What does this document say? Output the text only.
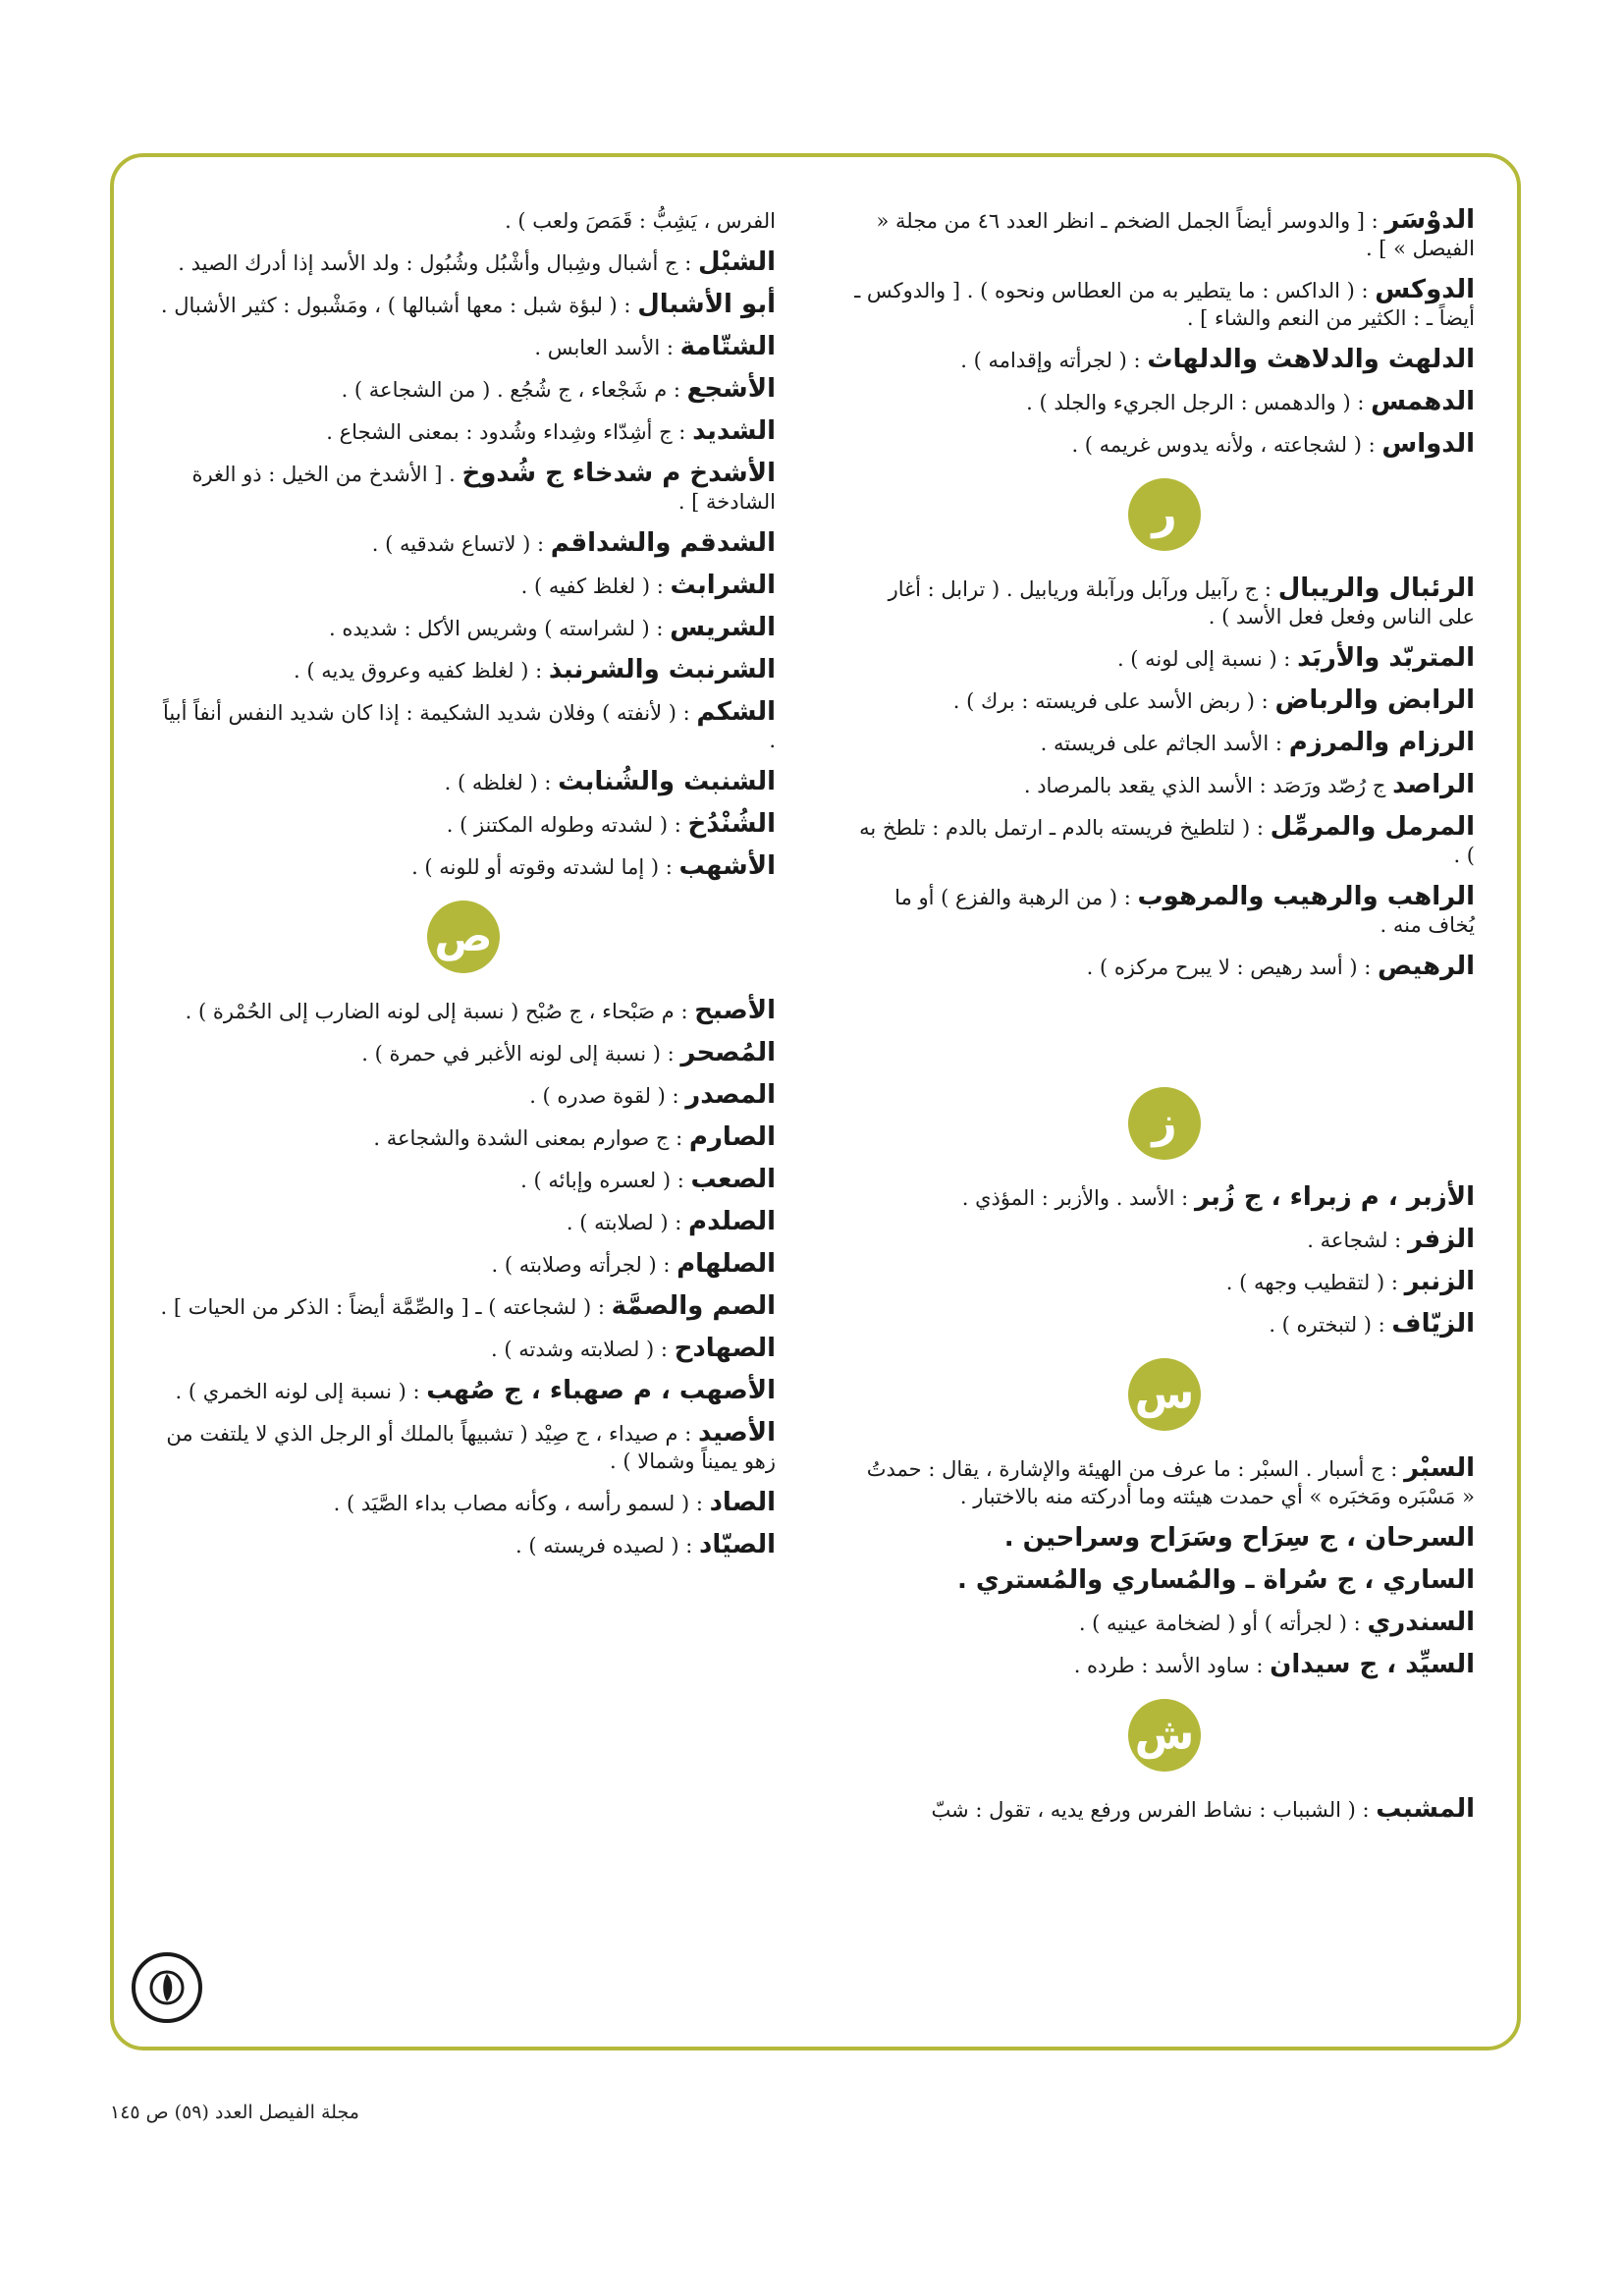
الدوْسَر : [ والدوسر أيضاً الجمل الضخم ـ انظر العدد ٤٦ من مجلة « الفيصل » ] .

الدوكس : ( الداكس : ما يتطير به من العطاس ونحوه ) . [ والدوكس ـ أيضاً ـ : الكثير من النعم والشاء ] .

الدلهث والدلاهث والدلهاث : ( لجرأته وإقدامه ) .

الدهمس : ( والدهمس : الرجل الجريء والجلد ) .

الدواس : ( لشجاعته ، ولأنه يدوس غريمه ) .

ر

الرئبال والريبال : ج رآبيل ورآبل ورآبلة وريابيل . ( ترابل : أغار على الناس وفعل فعل الأسد ) .

المتربّد والأربَد : ( نسبة إلى لونه ) .

الرابض والرباض : ( ربض الأسد على فريسته : برك ) .

الرزام والمرزم : الأسد الجاثم على فريسته .

الراصد ج رُصّد ورَصَد : الأسد الذي يقعد بالمرصاد .

المرمل والمرمِّل : ( لتلطيخ فريسته بالدم ـ ارتمل بالدم : تلطخ به ) .

الراهب والرهيب والمرهوب : ( من الرهبة والفزع ) أو ما يُخاف منه .

الرهيص : ( أسد رهيص : لا يبرح مركزه ) .

ز

الأزبر ، م زبراء ، ج زُبر : الأسد . والأزبر : المؤذي .

الزفر : لشجاعة .

الزنبر : ( لتقطيب وجهه ) .

الزيّاف : ( لتبختره ) .

س

السبْر : ج أسبار . السبْر : ما عرف من الهيئة والإشارة ، يقال : حمدتُ « مَسْبَره ومَخبَره » أي حمدت هيئته وما أدركته منه بالاختبار .

السرحان ، ج سِرَاح وسَرَاح وسراحين .

الساري ، ج سُراة ـ والمُساري والمُستري .

السندري : ( لجرأته ) أو ( لضخامة عينيه ) .

السيِّد ، ج سيدان : ساود الأسد : طرده .

ش

المشبب : ( الشبباب : نشاط الفرس ورفع يديه ، تقول : شبّ

الفرس ، يَشِبُّ : قَمَصَ ولعب ) .

الشبْل : ج أشبال وشِبال وأشْبُل وشُبُول : ولد الأسد إذا أدرك الصيد .

أبو الأشبال : ( لبؤة شبل : معها أشبالها ) ، ومَشْبول : كثير الأشبال .

الشتّامة : الأسد العابس .

الأشجع : م شَجْعاء ، ج شُجُع . ( من الشجاعة ) .

الشديد : ج أشِدّاء وشِداء وشُدود : بمعنى الشجاع .

الأشدخ م شدخاء ج شُدوخ . [ الأشدخ من الخيل : ذو الغرة الشادخة ] .

الشدقم والشداقم : ( لاتساع شدقيه ) .

الشرابث : ( لغلظ كفيه ) .

الشريس : ( لشراسته ) وشريس الأكل : شديده .

الشرنبث والشرنبذ : ( لغلظ كفيه وعروق يديه ) .

الشكم : ( لأنفته ) وفلان شديد الشكيمة : إذا كان شديد النفس أنفاً أبياً .

الشنبث والشُنابث : ( لغلظه ) .

الشُنْدُخ : ( لشدته وطوله المكتنز ) .

الأشهب : ( إما لشدته وقوته أو للونه ) .

ص

الأصبح : م صَبْحاء ، ج صُبْح ( نسبة إلى لونه الضارب إلى الحُمْرة ) .

المُصحر : ( نسبة إلى لونه الأغبر في حمرة ) .

المصدر : ( لقوة صدره ) .

الصارم : ج صوارم بمعنى الشدة والشجاعة .

الصعب : ( لعسره وإبائه ) .

الصلدم : ( لصلابته ) .

الصلهام : ( لجرأته وصلابته ) .

الصم والصمَّة : ( لشجاعته ) ـ [ والصِّمَّة أيضاً : الذكر من الحيات ] .

الصهادح : ( لصلابته وشدته ) .

الأصهب ، م صهباء ، ج صُهب : ( نسبة إلى لونه الخمري ) .

الأصيد : م صيداء ، ج صِيْد ( تشبيهاً بالملك أو الرجل الذي لا يلتفت من زهو يميناً وشمالا ) .

الصاد : ( لسمو رأسه ، وكأنه مصاب بداء الصَّيَد ) .

الصيّاد : ( لصيده فريسته ) .

مجلة الفيصل العدد (٥٩) ص ١٤٥
